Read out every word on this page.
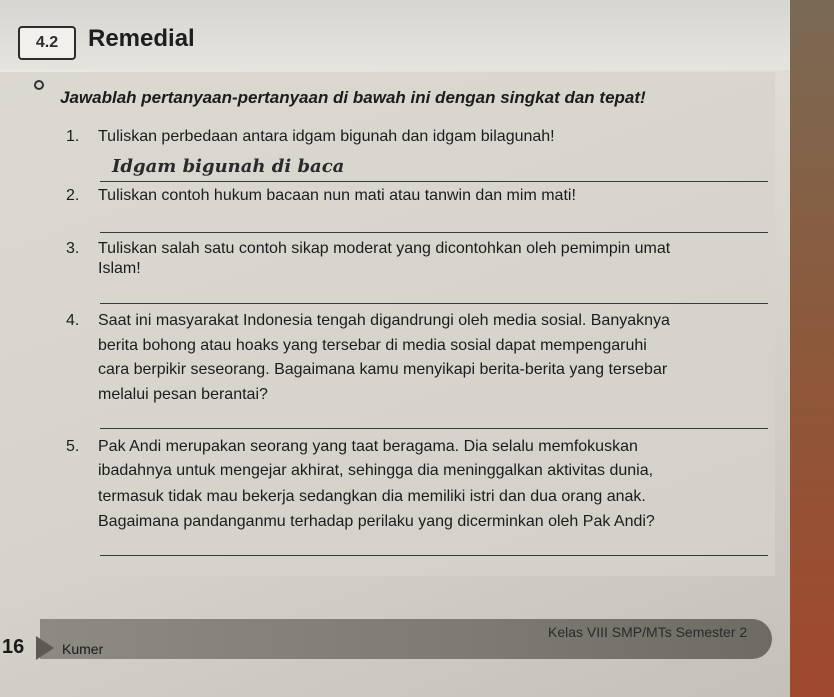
4.2 Remedial
Jawablah pertanyaan-pertanyaan di bawah ini dengan singkat dan tepat!
1. Tuliskan perbedaan antara idgam bigunah dan idgam bilagunah!
Idgam bigunah di baca
2. Tuliskan contoh hukum bacaan nun mati atau tanwin dan mim mati!
3. Tuliskan salah satu contoh sikap moderat yang dicontohkan oleh pemimpin umat
Islam!
4. Saat ini masyarakat Indonesia tengah digandrungi oleh media sosial. Banyaknya
berita bohong atau hoaks yang tersebar di media sosial dapat mempengaruhi
cara berpikir seseorang. Bagaimana kamu menyikapi berita-berita yang tersebar
melalui pesan berantai?
5. Pak Andi merupakan seorang yang taat beragama. Dia selalu memfokuskan
ibadahnya untuk mengejar akhirat, sehingga dia meninggalkan aktivitas dunia,
termasuk tidak mau bekerja sedangkan dia memiliki istri dan dua orang anak.
Bagaimana pandanganmu terhadap perilaku yang dicerminkan oleh Pak Andi?
16	Kumer
Kelas VIII SMP/MTs Semester 2
